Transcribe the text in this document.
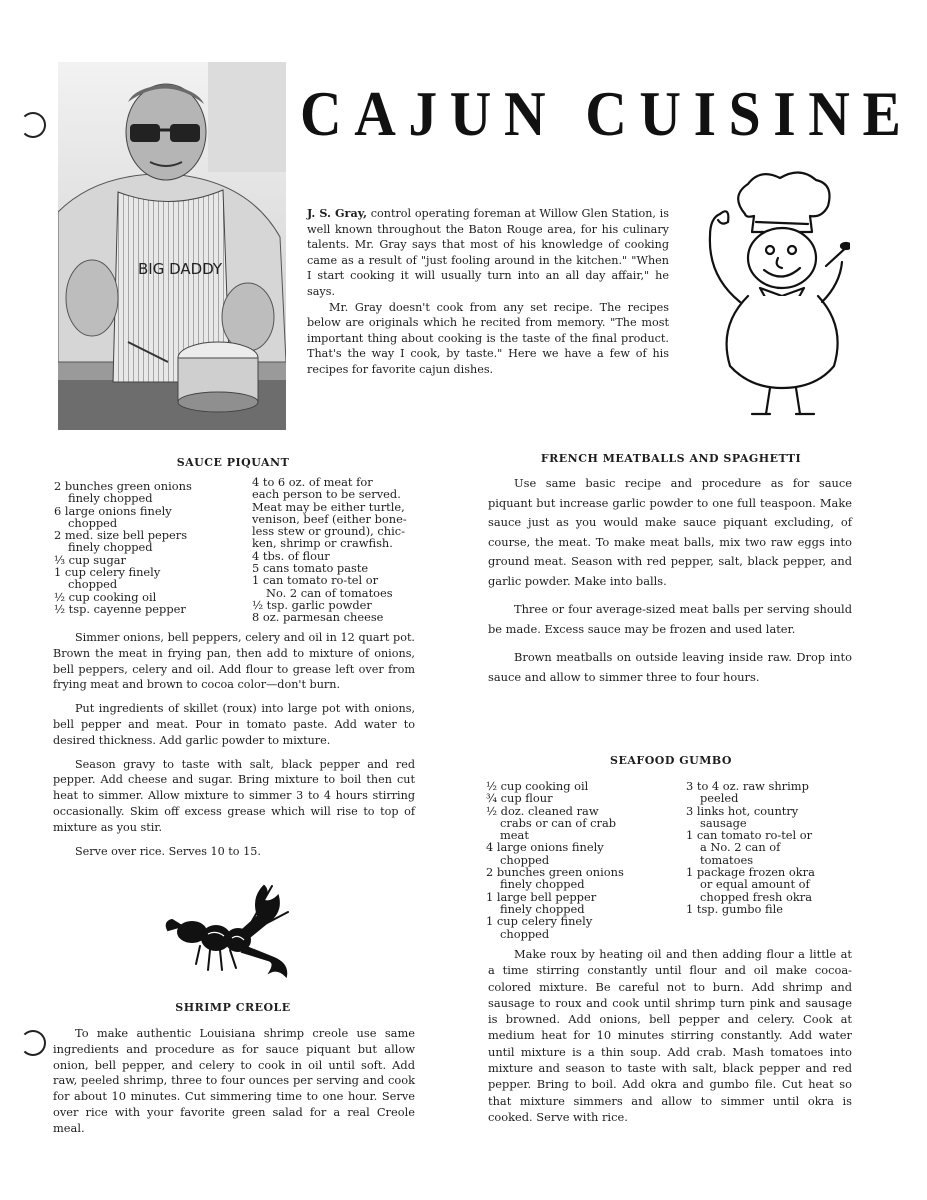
BIG DADDY
CAJUN CUISINE

J. S. Gray, control operating foreman at Willow Glen Station, is well known throughout the Baton Rouge area, for his culinary talents. Mr. Gray says that most of his knowledge of cooking came as a result of "just fooling around in the kitchen." "When I start cooking it will usually turn into an all day affair," he says.

Mr. Gray doesn't cook from any set recipe. The recipes below are originals which he recited from memory. "The most important thing about cooking is the taste of the final product. That's the way I cook, by taste." Here we have a few of his recipes for favorite cajun dishes.

SAUCE PIQUANT
2 bunches green onions
finely chopped
6 large onions finely
chopped
2 med. size bell pepers
finely chopped
⅓ cup sugar
1 cup celery finely
chopped
½ cup cooking oil
½ tsp. cayenne pepper
4 to 6 oz. of meat for
each person to be served.
Meat may be either turtle,
venison, beef (either bone-
less stew or ground), chic-
ken, shrimp or crawfish.
4 tbs. of flour
5 cans tomato paste
1 can tomato ro-tel or
No. 2 can of tomatoes
½ tsp. garlic powder
8 oz. parmesan cheese

Simmer onions, bell peppers, celery and oil in 12 quart pot. Brown the meat in frying pan, then add to mixture of onions, bell peppers, celery and oil. Add flour to grease left over from frying meat and brown to cocoa color—don't burn.

Put ingredients of skillet (roux) into large pot with onions, bell pepper and meat. Pour in tomato paste. Add water to desired thickness. Add garlic powder to mixture.

Season gravy to taste with salt, black pepper and red pepper. Add cheese and sugar. Bring mixture to boil then cut heat to simmer. Allow mixture to simmer 3 to 4 hours stirring occasionally. Skim off excess grease which will rise to top of mixture as you stir.

Serve over rice. Serves 10 to 15.

SHRIMP CREOLE

To make authentic Louisiana shrimp creole use same ingredients and procedure as for sauce piquant but allow onion, bell pepper, and celery to cook in oil until soft. Add raw, peeled shrimp, three to four ounces per serving and cook for about 10 minutes. Cut simmering time to one hour. Serve over rice with your favorite green salad for a real Creole meal.

FRENCH MEATBALLS AND SPAGHETTI

Use same basic recipe and procedure as for sauce piquant but increase garlic powder to one full teaspoon. Make sauce just as you would make sauce piquant excluding, of course, the meat. To make meat balls, mix two raw eggs into ground meat. Season with red pepper, salt, black pepper, and garlic powder. Make into balls.

Three or four average-sized meat balls per serving should be made. Excess sauce may be frozen and used later.

Brown meatballs on outside leaving inside raw. Drop into sauce and allow to simmer three to four hours.

SEAFOOD GUMBO
½ cup cooking oil
¾ cup flour
½ doz. cleaned raw
crabs or can of crab
meat
4 large onions finely
chopped
2 bunches green onions
finely chopped
1 large bell pepper
finely chopped
1 cup celery finely
chopped
3 to 4 oz. raw shrimp
peeled
3 links hot, country
sausage
1 can tomato ro-tel or
a No. 2 can of
tomatoes
1 package frozen okra
or equal amount of
chopped fresh okra
1 tsp. gumbo file

Make roux by heating oil and then adding flour a little at a time stirring constantly until flour and oil make cocoa-colored mixture. Be careful not to burn. Add shrimp and sausage to roux and cook until shrimp turn pink and sausage is browned. Add onions, bell pepper and celery. Cook at medium heat for 10 minutes stirring constantly. Add water until mixture is a thin soup. Add crab. Mash tomatoes into mixture and season to taste with salt, black pepper and red pepper. Bring to boil. Add okra and gumbo file. Cut heat so that mixture simmers and allow to simmer until okra is cooked. Serve with rice.
